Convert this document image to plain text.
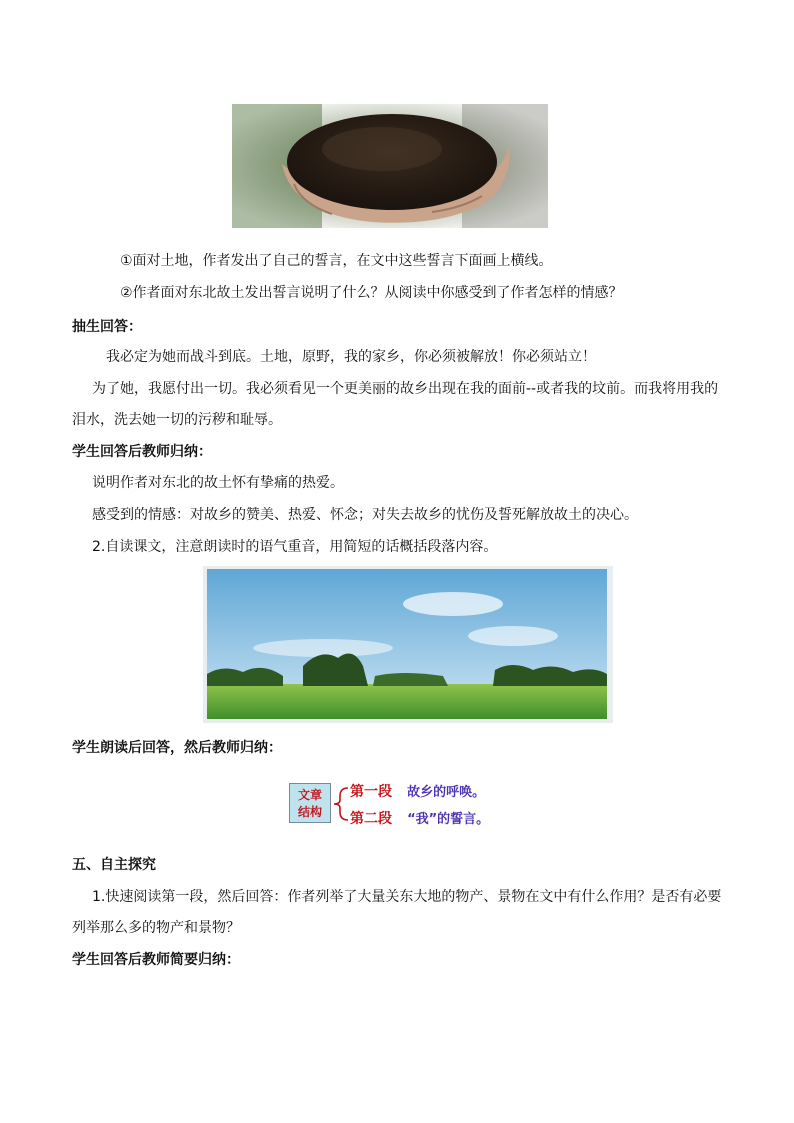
①面对土地，作者发出了自己的誓言，在文中这些誓言下面画上横线。
②作者面对东北故土发出誓言说明了什么？从阅读中你感受到了作者怎样的情感？
抽生回答：
我必定为她而战斗到底。土地，原野，我的家乡，你必须被解放！你必须站立！
为了她，我愿付出一切。我必须看见一个更美丽的故乡出现在我的面前--或者我的坟前。而我将用我的
泪水，洗去她一切的污秽和耻辱。
学生回答后教师归纳：
说明作者对东北的故土怀有挚痛的热爱。
感受到的情感：对故乡的赞美、热爱、怀念；对失去故乡的忧伤及誓死解放故土的决心。
2.自读课文，注意朗读时的语气重音，用简短的话概括段落内容。
学生朗读后回答，然后教师归纳：
文章
结构
第一段 故乡的呼唤。
第二段 “我”的誓言。
五、自主探究
1.快速阅读第一段，然后回答：作者列举了大量关东大地的物产、景物在文中有什么作用？是否有必要
列举那么多的物产和景物？
学生回答后教师简要归纳：
